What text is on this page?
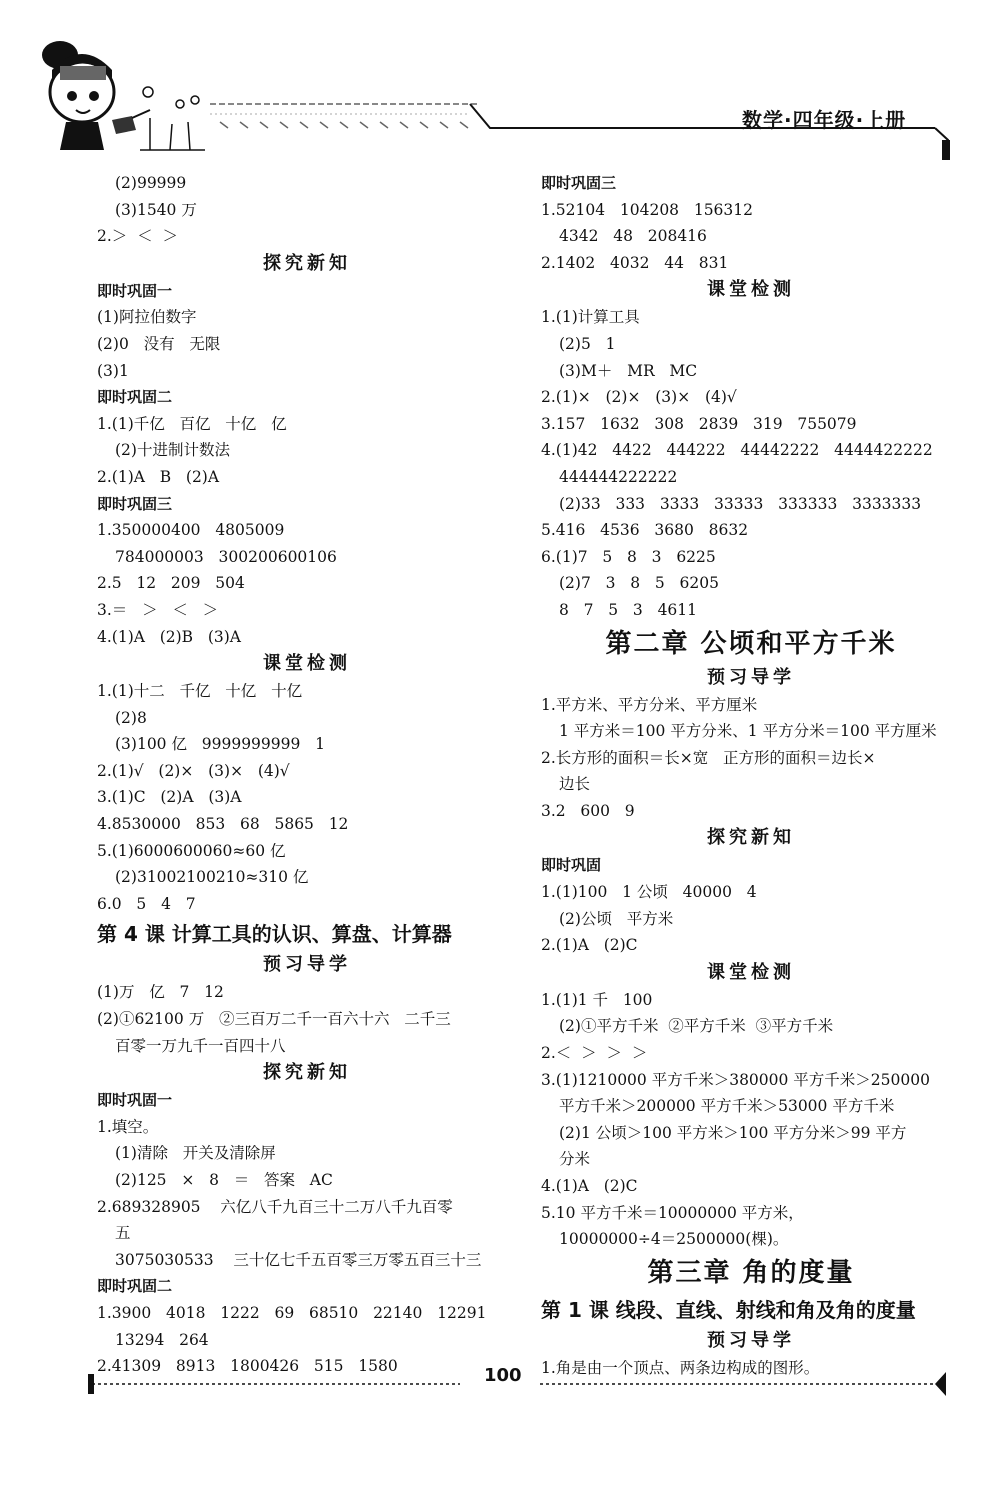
数学·四年级·上册
(2)99999
(3)1540 万
2.＞  ＜  ＞
探究新知
即时巩固一
(1)阿拉伯数字
(2)0   没有   无限
(3)1
即时巩固二
1.(1)千亿   百亿   十亿   亿
(2)十进制计数法
2.(1)A   B   (2)A
即时巩固三
1.350000400   4805009
784000003   300200600106
2.5   12   209   504
3.＝   ＞   ＜   ＞
4.(1)A   (2)B   (3)A
课堂检测
1.(1)十二   千亿   十亿   十亿
(2)8
(3)100 亿   9999999999   1
2.(1)√   (2)×   (3)×   (4)√
3.(1)C   (2)A   (3)A
4.8530000   853   68   5865   12
5.(1)6000600060≈60 亿
(2)31002100210≈310 亿
6.0   5   4   7
第 4 课 计算工具的认识、算盘、计算器
预习导学
(1)万   亿   7   12
(2)①62100 万   ②三百万二千一百六十六   二千三
百零一万九千一百四十八
探究新知
即时巩固一
1.填空。
(1)清除   开关及清除屏
(2)125   ×   8   ＝   答案   AC
2.689328905    六亿八千九百三十二万八千九百零
五
3075030533    三十亿七千五百零三万零五百三十三
即时巩固二
1.3900   4018   1222   69   68510   22140   12291
13294   264
2.41309   8913   1800426   515   1580
即时巩固三
1.52104   104208   156312
4342   48   208416
2.1402   4032   44   831
课堂检测
1.(1)计算工具
(2)5   1
(3)M＋   MR   MC
2.(1)×   (2)×   (3)×   (4)√
3.157   1632   308   2839   319   755079
4.(1)42   4422   444222   44442222   4444422222
444444222222
(2)33   333   3333   33333   333333   3333333
5.416   4536   3680   8632
6.(1)7   5   8   3   6225
(2)7   3   8   5   6205
8   7   5   3   4611
第二章 公顷和平方千米
预习导学
1.平方米、平方分米、平方厘米
1 平方米＝100 平方分米、1 平方分米＝100 平方厘米
2.长方形的面积＝长×宽   正方形的面积＝边长×
边长
3.2   600   9
探究新知
即时巩固
1.(1)100   1 公顷   40000   4
(2)公顷   平方米
2.(1)A   (2)C
课堂检测
1.(1)1 千   100
(2)①平方千米  ②平方千米  ③平方千米
2.＜  ＞  ＞  ＞
3.(1)1210000 平方千米＞380000 平方千米＞250000
平方千米＞200000 平方千米＞53000 平方千米
(2)1 公顷＞100 平方米＞100 平方分米＞99 平方
分米
4.(1)A   (2)C
5.10 平方千米＝10000000 平方米，
10000000÷4＝2500000(棵)。
第三章 角的度量
第 1 课 线段、直线、射线和角及角的度量
预习导学
1.角是由一个顶点、两条边构成的图形。
100
